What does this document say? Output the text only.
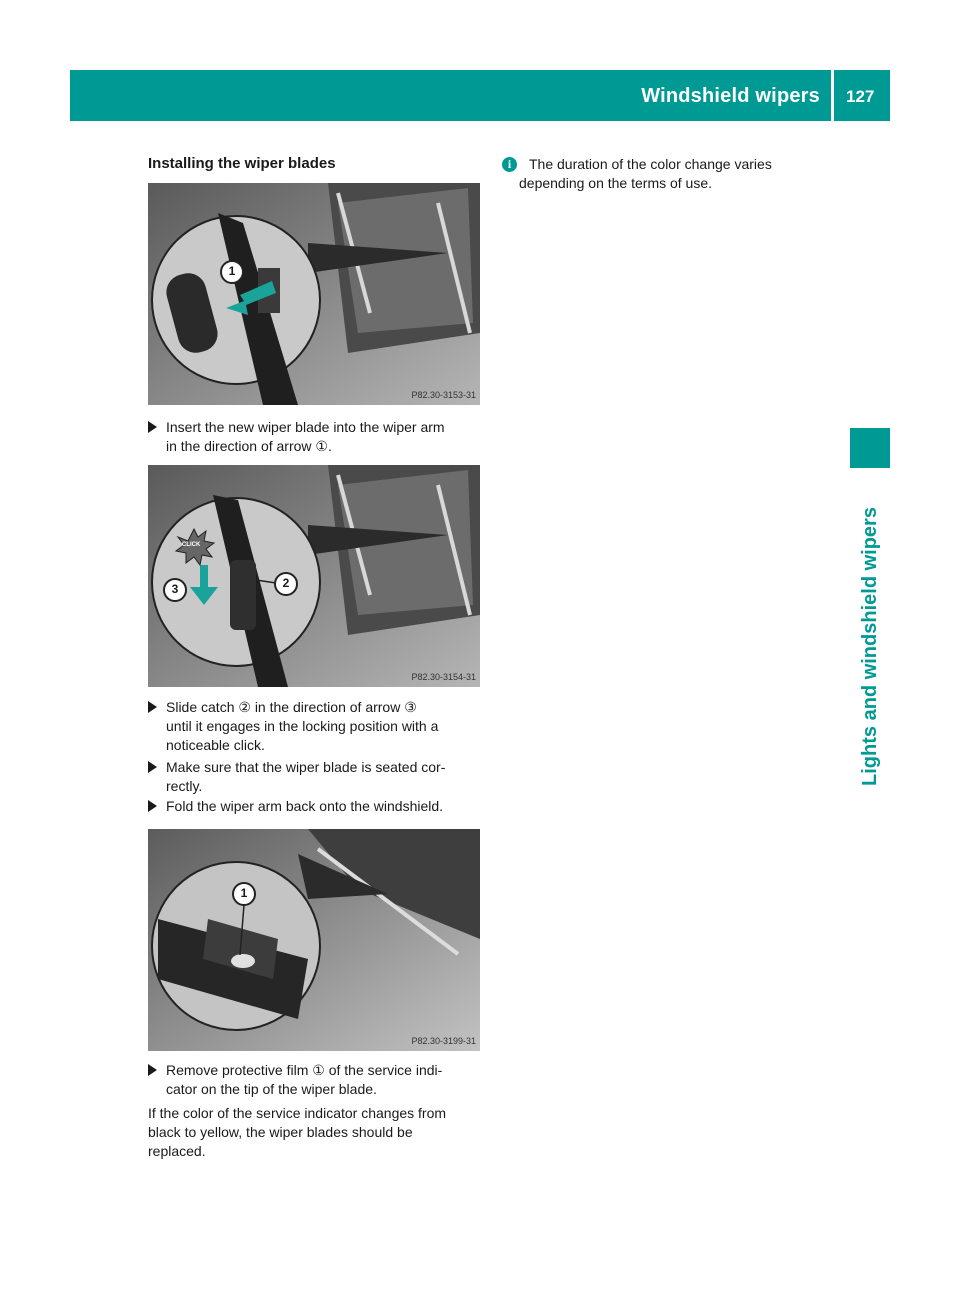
Windshield wipers 127
Lights and windshield wipers
Installing the wiper blades
1
P82.30-3153-31
Insert the new wiper blade into the wiper arm
in the direction of arrow ①.
CLICK
3	2
P82.30-3154-31
Slide catch ② in the direction of arrow ③
until it engages in the locking position with a
noticeable click.
Make sure that the wiper blade is seated cor-
rectly.
Fold the wiper arm back onto the windshield.
1
P82.30-3199-31
Remove protective film ① of the service indi-
cator on the tip of the wiper blade.
If the color of the service indicator changes from
black to yellow, the wiper blades should be
replaced.
i	The duration of the color change varies
depending on the terms of use.
